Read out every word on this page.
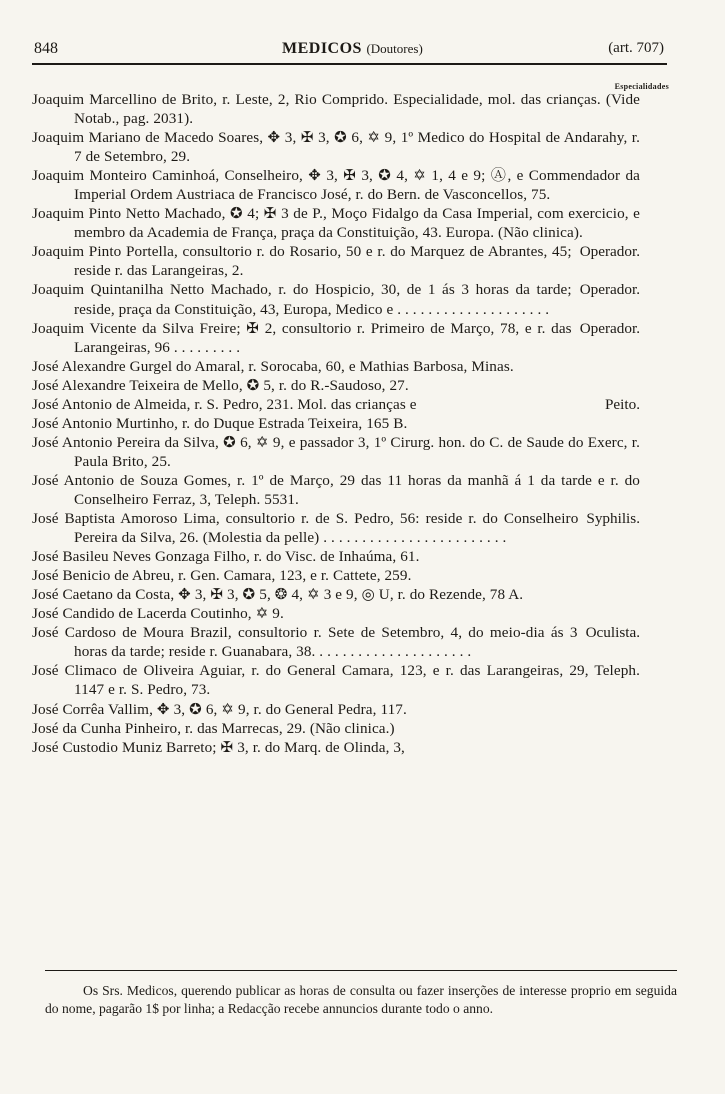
848	MEDICOS (Doutores)	(art. 707)
Especialidades
Joaquim Marcellino de Brito, r. Leste, 2, Rio Comprido. Especialidade, mol. das crianças. (Vide Notab., pag. 2031).
Joaquim Mariano de Macedo Soares, ✥ 3, ✠ 3, ✪ 6, ✡ 9, 1º Medico do Hospital de Andarahy, r. 7 de Setembro, 29.
Joaquim Monteiro Caminhoá, Conselheiro, ✥ 3, ✠ 3, ✪ 4, ✡ 1, 4 e 9; Ⓐ, e Commendador da Imperial Ordem Austriaca de Francisco José, r. do Bern. de Vasconcellos, 75.
Joaquim Pinto Netto Machado, ✪ 4; ✠ 3 de P., Moço Fidalgo da Casa Imperial, com exercicio, e membro da Academia de França, praça da Constituição, 43. Europa. (Não clinica).
Operador.
Joaquim Pinto Portella, consultorio r. do Rosario, 50 e r. do Marquez de Abrantes, 45; reside r. das Larangeiras, 2.
Operador.
Joaquim Quintanilha Netto Machado, r. do Hospicio, 30, de 1 ás 3 horas da tarde; reside, praça da Constituição, 43, Europa, Medico e . . . . . . . . . . . . . . . . . . . .
Operador.
Joaquim Vicente da Silva Freire; ✠ 2, consultorio r. Primeiro de Março, 78, e r. das Larangeiras, 96 . . . . . . . . .
José Alexandre Gurgel do Amaral, r. Sorocaba, 60, e Mathias Barbosa, Minas.
José Alexandre Teixeira de Mello, ✪ 5, r. do R.-Saudoso, 27.
Peito.
José Antonio de Almeida, r. S. Pedro, 231. Mol. das crianças e
José Antonio Murtinho, r. do Duque Estrada Teixeira, 165 B.
José Antonio Pereira da Silva, ✪ 6, ✡ 9, e passador 3, 1º Cirurg. hon. do C. de Saude do Exerc, r. Paula Brito, 25.
José Antonio de Souza Gomes, r. 1º de Março, 29 das 11 horas da manhã á 1 da tarde e r. do Conselheiro Ferraz, 3, Teleph. 5531.
Syphilis.
José Baptista Amoroso Lima, consultorio r. de S. Pedro, 56: reside r. do Conselheiro Pereira da Silva, 26. (Molestia da pelle) . . . . . . . . . . . . . . . . . . . . . . . .
José Basileu Neves Gonzaga Filho, r. do Visc. de Inhaúma, 61.
José Benicio de Abreu, r. Gen. Camara, 123, e r. Cattete, 259.
José Caetano da Costa, ✥ 3, ✠ 3, ✪ 5, ❂ 4, ✡ 3 e 9, ◎ U, r. do Rezende, 78 A.
José Candido de Lacerda Coutinho, ✡ 9.
Oculista.
José Cardoso de Moura Brazil, consultorio r. Sete de Setembro, 4, do meio-dia ás 3 horas da tarde; reside r. Guanabara, 38. . . . . . . . . . . . . . . . . . . . .
José Climaco de Oliveira Aguiar, r. do General Camara, 123, e r. das Larangeiras, 29, Teleph. 1147 e r. S. Pedro, 73.
José Corrêa Vallim, ✥ 3, ✪ 6, ✡ 9, r. do General Pedra, 117.
José da Cunha Pinheiro, r. das Marrecas, 29. (Não clinica.)
José Custodio Muniz Barreto; ✠ 3, r. do Marq. de Olinda, 3,
Os Srs. Medicos, querendo publicar as horas de consulta ou fazer inserções de interesse proprio em seguida do nome, pagarão 1$ por linha; a Redacção recebe annuncios durante todo o anno.
